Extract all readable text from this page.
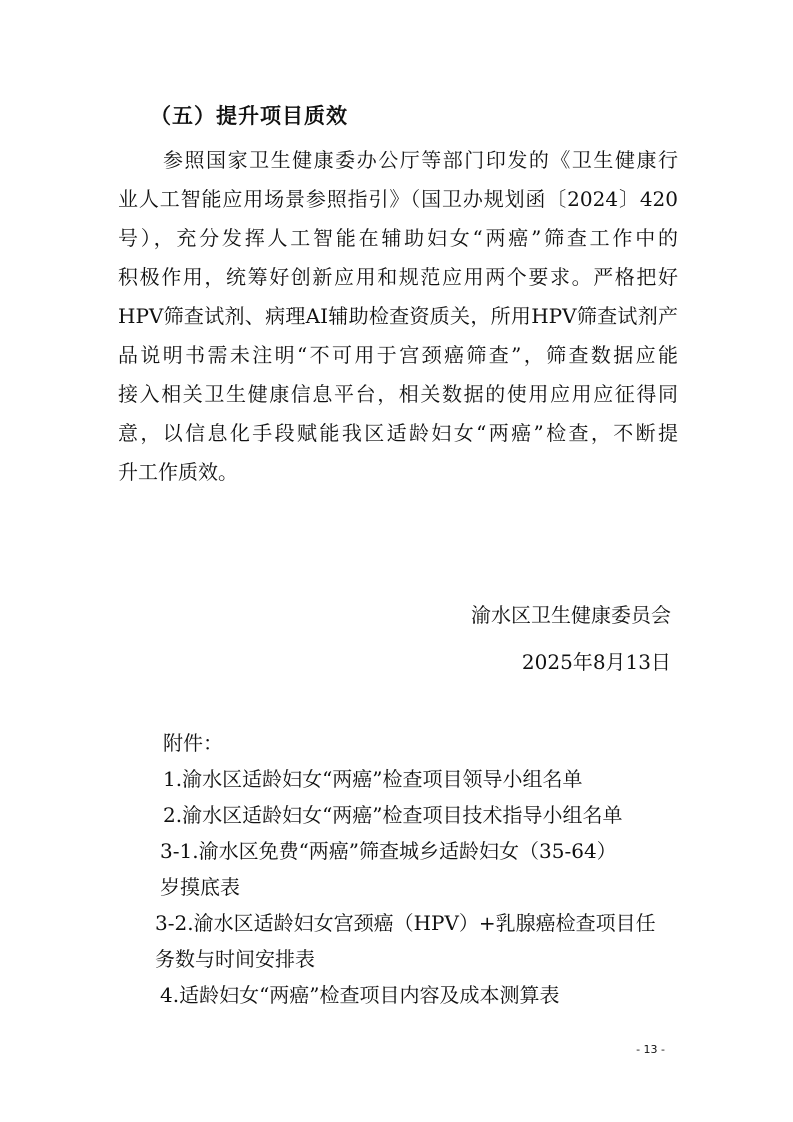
（五）提升项目质效
参照国家卫生健康委办公厅等部门印发的《卫生健康行
业人工智能应用场景参照指引》（国卫办规划函〔2024〕420
号），充分发挥人工智能在辅助妇女“两癌”筛查工作中的
积极作用，统筹好创新应用和规范应用两个要求。严格把好
HPV筛查试剂、病理AI辅助检查资质关，所用HPV筛查试剂产
品说明书需未注明“不可用于宫颈癌筛查”，筛查数据应能
接入相关卫生健康信息平台，相关数据的使用应用应征得同
意，以信息化手段赋能我区适龄妇女“两癌”检查，不断提
升工作质效。
渝水区卫生健康委员会
2025年8月13日
附件：
1.渝水区适龄妇女“两癌”检查项目领导小组名单
2.渝水区适龄妇女“两癌”检查项目技术指导小组名单
3-1.渝水区免费“两癌”筛查城乡适龄妇女（35-64）
岁摸底表
3-2.渝水区适龄妇女宫颈癌（HPV）+乳腺癌检查项目任
务数与时间安排表
4.适龄妇女“两癌”检查项目内容及成本测算表
- 13 -
